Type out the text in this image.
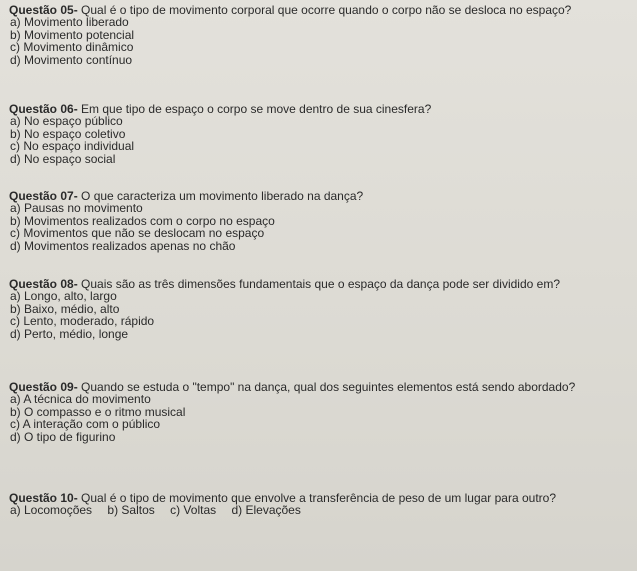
Questão 05- Qual é o tipo de movimento corporal que ocorre quando o corpo não se desloca no espaço?

a) Movimento liberado

b) Movimento potencial

c) Movimento dinâmico

d) Movimento contínuo

Questão 06- Em que tipo de espaço o corpo se move dentro de sua cinesfera?

a) No espaço público

b) No espaço coletivo

c) No espaço individual

d) No espaço social

Questão 07- O que caracteriza um movimento liberado na dança?

a) Pausas no movimento

b) Movimentos realizados com o corpo no espaço

c) Movimentos que não se deslocam no espaço

d) Movimentos realizados apenas no chão

Questão 08- Quais são as três dimensões fundamentais que o espaço da dança pode ser dividido em?

a) Longo, alto, largo

b) Baixo, médio, alto

c) Lento, moderado, rápido

d) Perto, médio, longe

Questão 09- Quando se estuda o "tempo" na dança, qual dos seguintes elementos está sendo abordado?

a) A técnica do movimento

b) O compasso e o ritmo musical

c) A interação com o público

d) O tipo de figurino

Questão 10- Qual é o tipo de movimento que envolve a transferência de peso de um lugar para outro?

a) Locomoções b) Saltos c) Voltas d) Elevações
